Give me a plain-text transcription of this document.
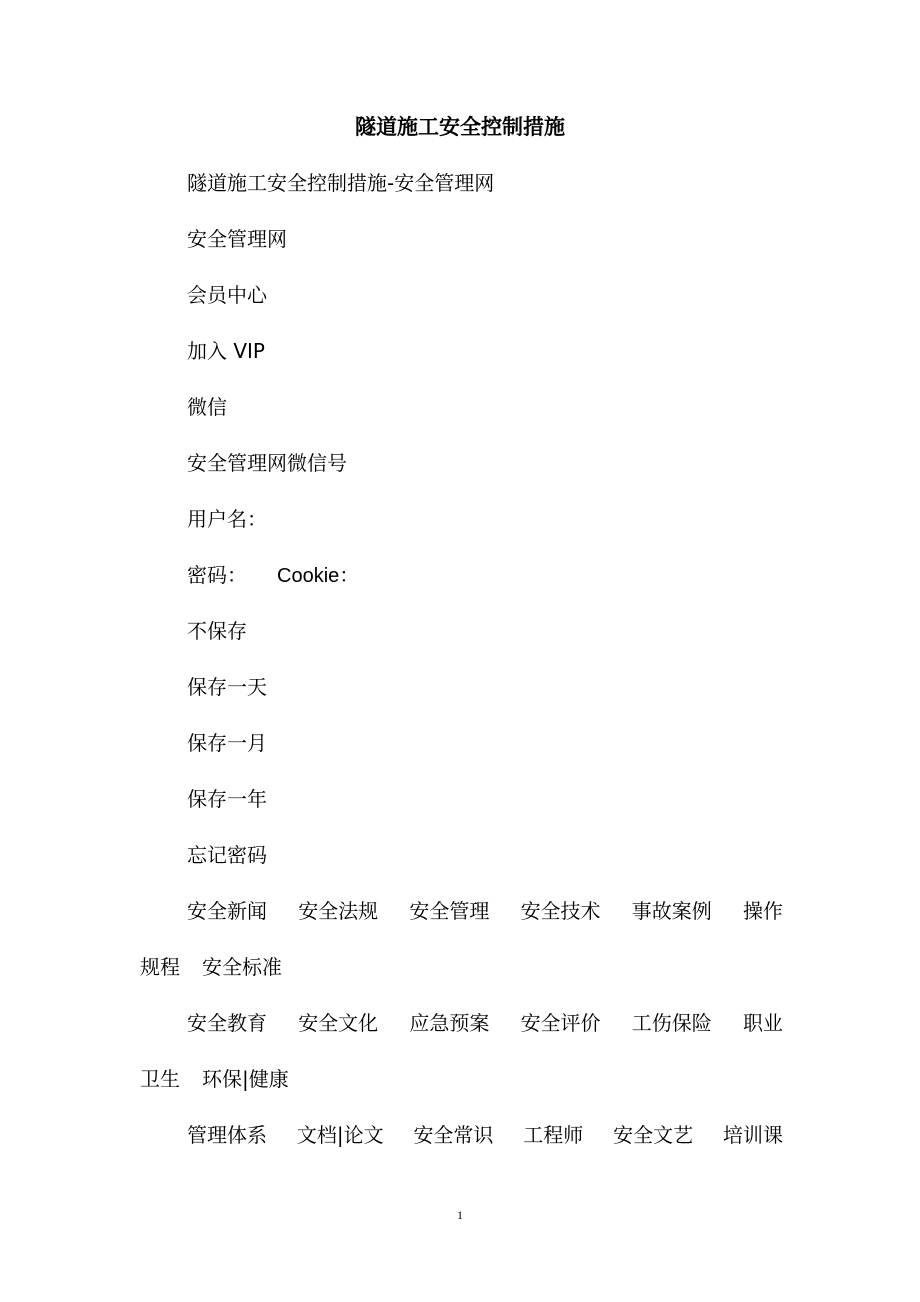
隧道施工安全控制措施
隧道施工安全控制措施-安全管理网
安全管理网
会员中心
加入 VIP
微信
安全管理网微信号
用户名：
密码： Cookie：
不保存
保存一天
保存一月
保存一年
忘记密码
安全新闻 安全法规 安全管理 安全技术 事故案例 操作
规程 安全标准
安全教育 安全文化 应急预案 安全评价 工伤保险 职业
卫生 环保|健康
管理体系 文档|论文 安全常识 工程师 安全文艺 培训课
1
